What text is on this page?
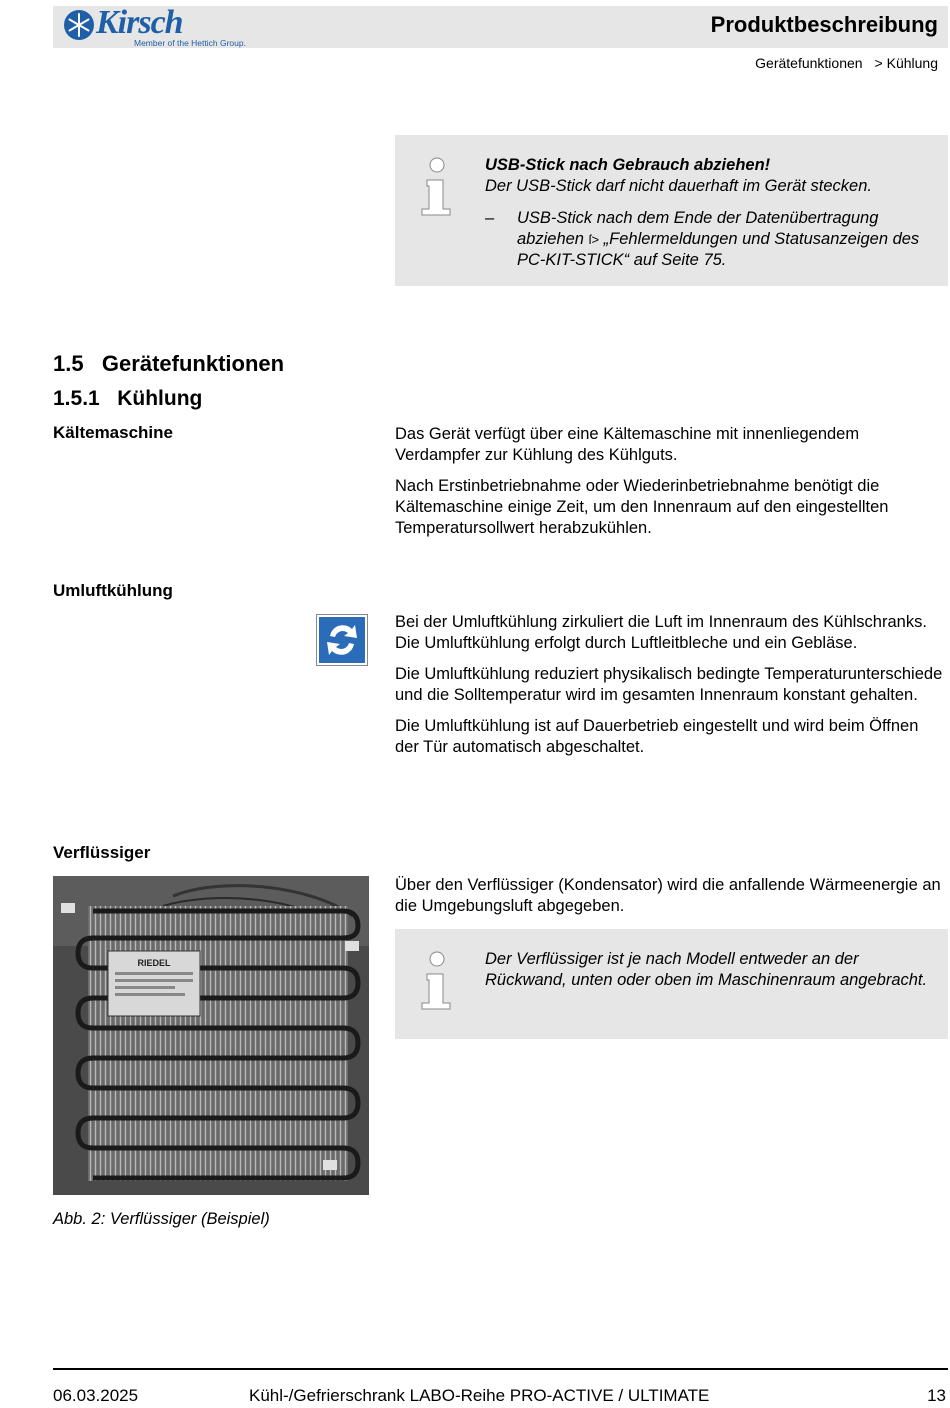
Kirsch
Member of the Hettich Group.
Produktbeschreibung
Gerätefunktionen > Kühlung
USB-Stick nach Gebrauch abziehen!
Der USB-Stick darf nicht dauerhaft im Gerät stecken.
– USB-Stick nach dem Ende der Datenübertragung abziehen ſ> „Fehlermeldungen und Statusanzeigen des PC-KIT-STICK“ auf Seite 75.
1.5   Gerätefunktionen
1.5.1   Kühlung
Kältemaschine	Das Gerät verfügt über eine Kältemaschine mit innenliegendem Verdampfer zur Kühlung des Kühlguts.

Nach Erstinbetriebnahme oder Wiederinbetriebnahme benötigt die Kältemaschine einige Zeit, um den Innenraum auf den eingestellten Temperatursollwert herabzukühlen.

Umluftkühlung

Bei der Umluftkühlung zirkuliert die Luft im Innenraum des Kühlschranks. Die Umluftkühlung erfolgt durch Luftleitbleche und ein Gebläse.

Die Umluftkühlung reduziert physikalisch bedingte Temperaturunterschiede und die Solltemperatur wird im gesamten Innenraum konstant gehalten.

Die Umluftkühlung ist auf Dauerbetrieb eingestellt und wird beim Öffnen der Tür automatisch abgeschaltet.

Verflüssiger
RIEDEL

Über den Verflüssiger (Kondensator) wird die anfallende Wärmeenergie an die Umgebungsluft abgegeben.

Der Verflüssiger ist je nach Modell entweder an der Rückwand, unten oder oben im Maschinenraum angebracht.
Abb. 2: Verflüssiger (Beispiel)
06.03.2025	Kühl-/Gefrierschrank LABO-Reihe PRO-ACTIVE / ULTIMATE	13
